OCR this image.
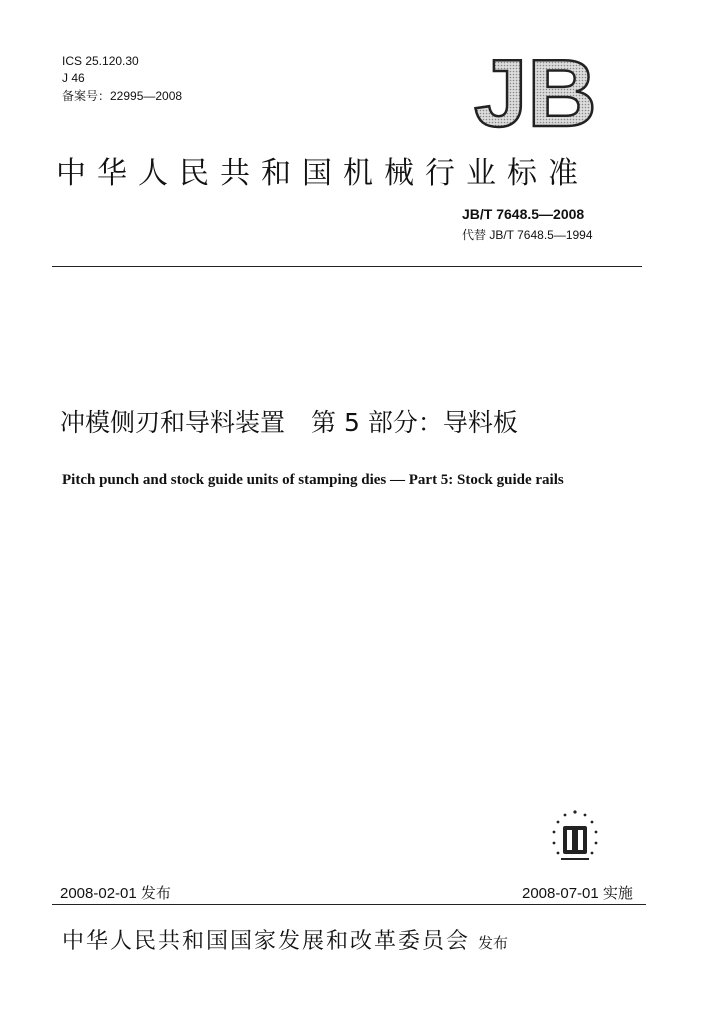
ICS 25.120.30
J 46
备案号：22995—2008	JB
中华人民共和国机械行业标准
JB/T 7648.5—2008
代替 JB/T 7648.5—1994
冲模侧刃和导料装置 第 5 部分：导料板
Pitch punch and stock guide units of stamping dies — Part 5: Stock guide rails
2008-02-01 发布	2008-07-01 实施
中华人民共和国国家发展和改革委员会 发布
